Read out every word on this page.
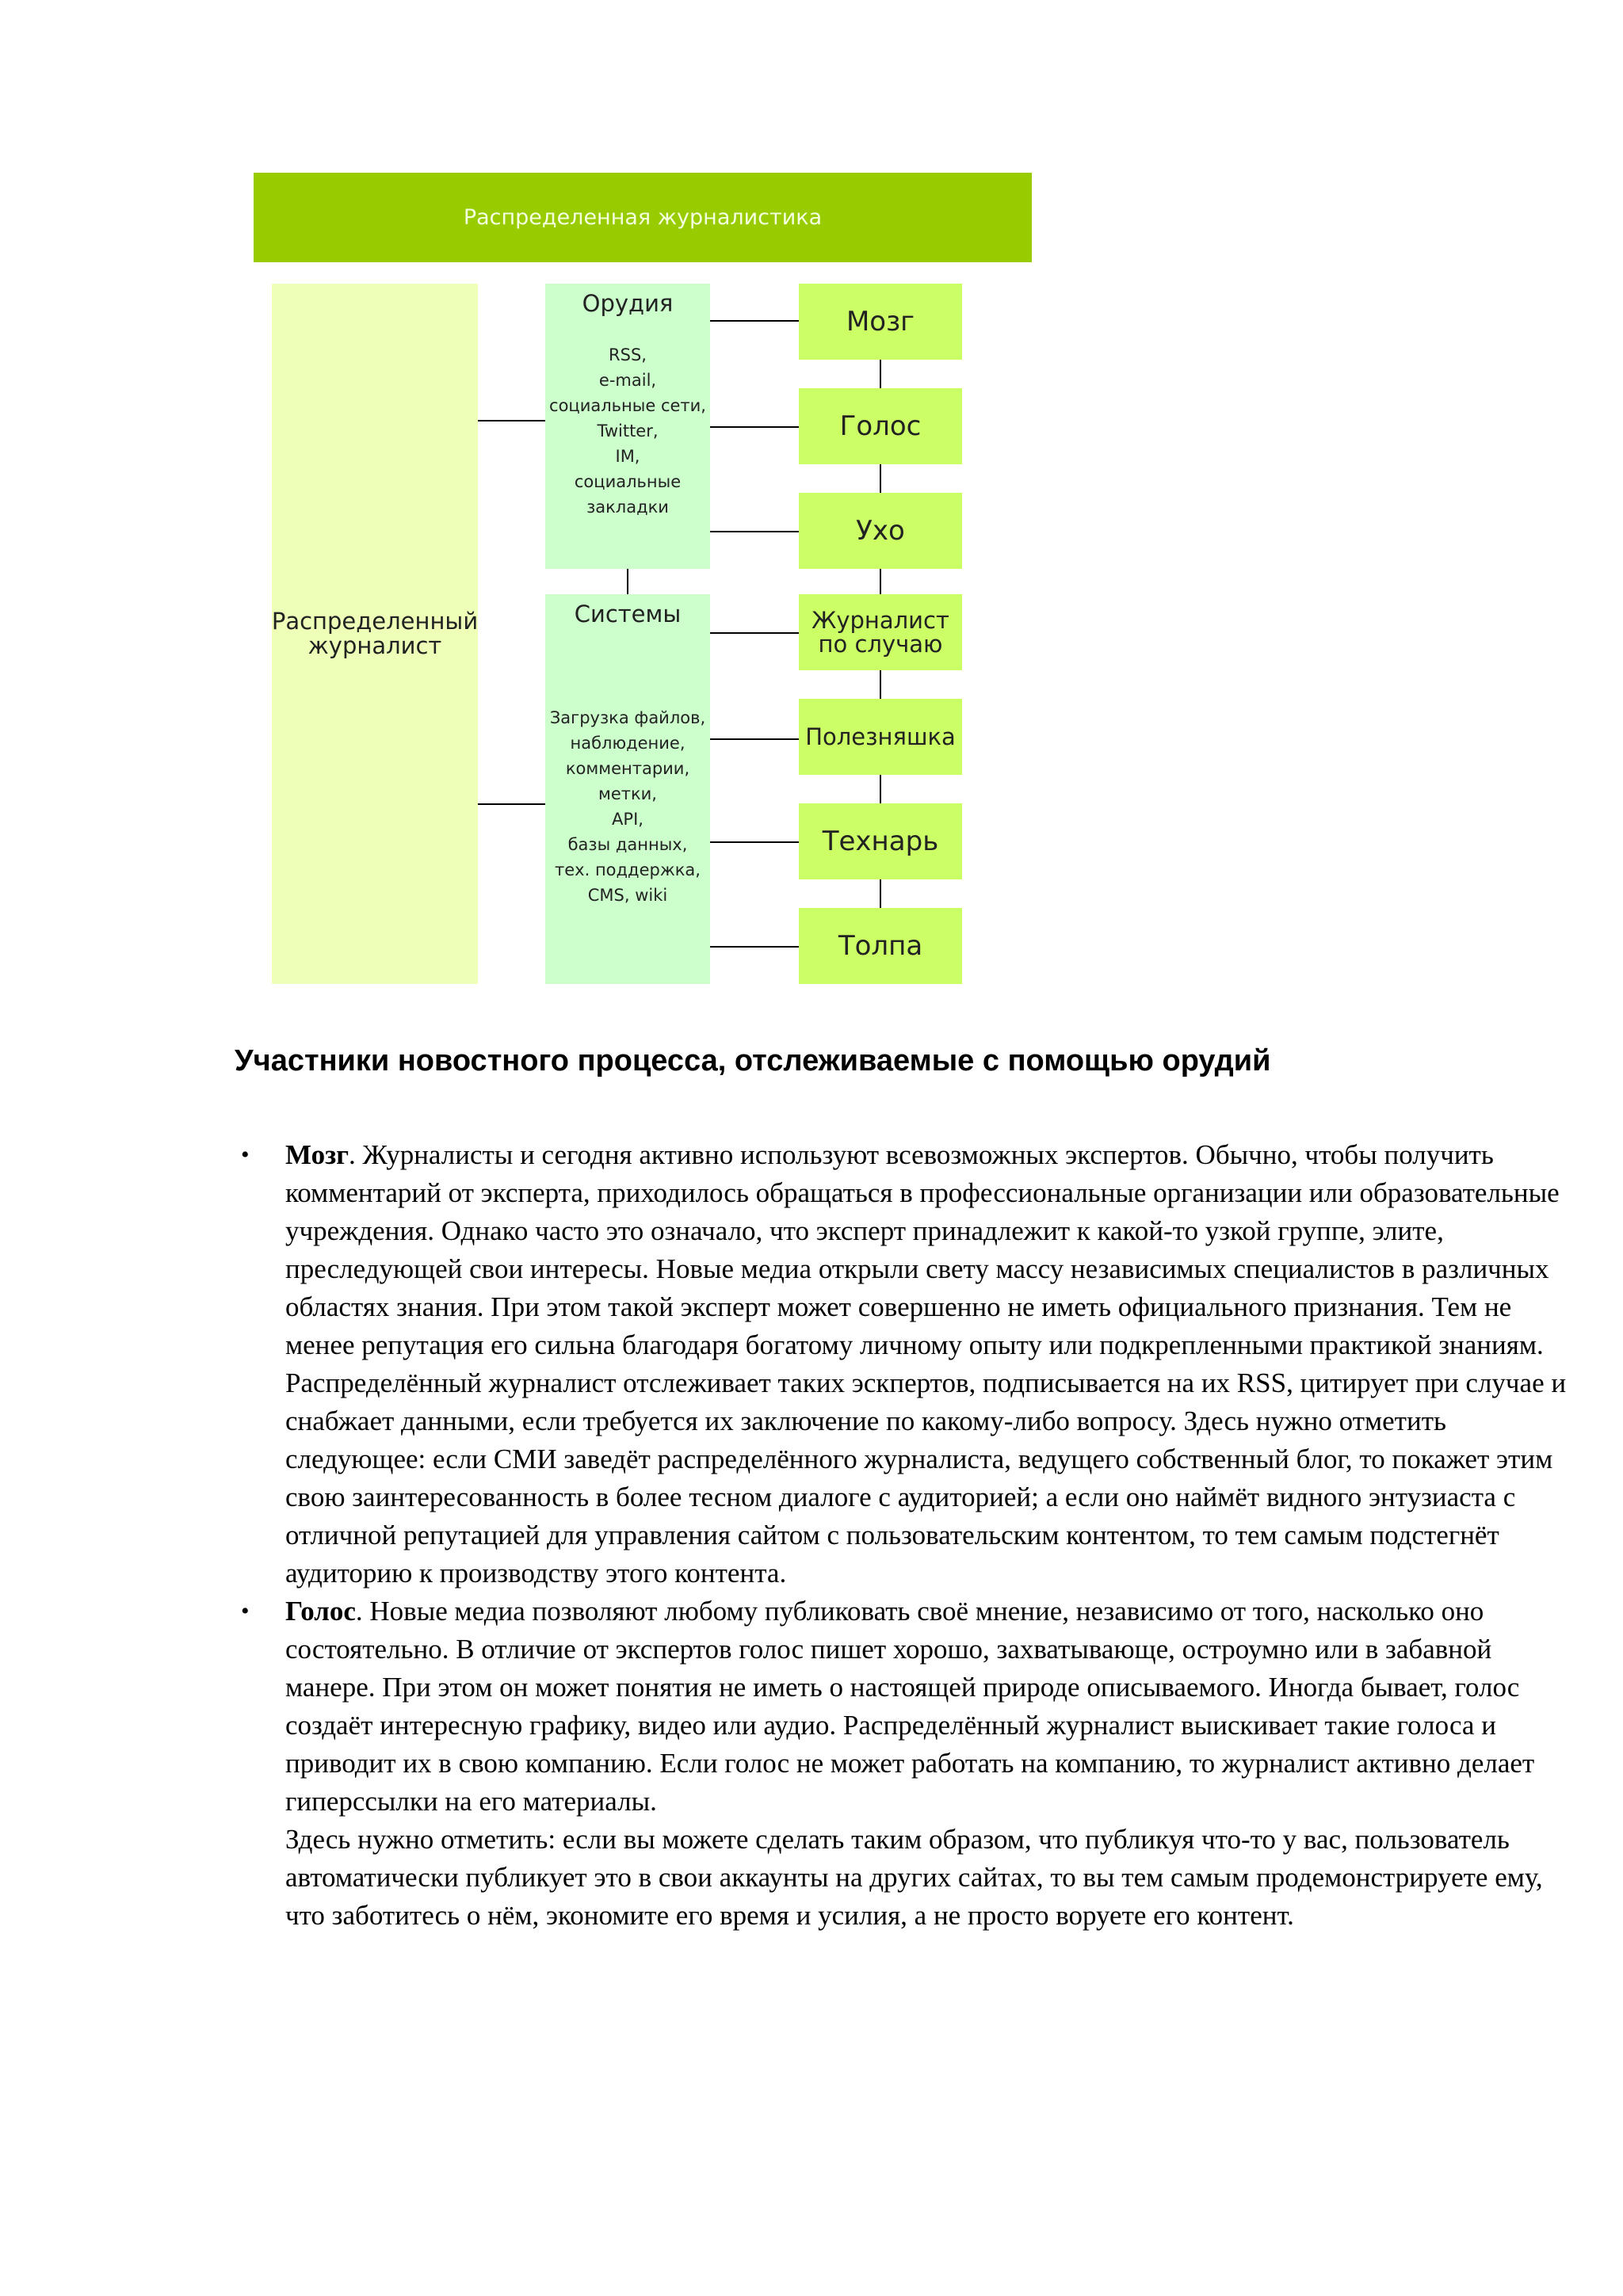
Распределенная журналистика
Распределенный журналист
Орудия
RSS,
e-mail,
социальные сети,
Twitter,
IM,
социальные
закладки
Системы
Загрузка файлов,
наблюдение,
комментарии,
метки,
API,
базы данных,
тех. поддержка,
CMS, wiki
Мозг
Голос
Ухо
Журналист по случаю
Полезняшка
Технарь
Толпа
Участники новостного процесса, отслеживаемые с помощью орудий

• Мозг. Журналисты и сегодня активно используют всевозможных экспертов. Обычно, чтобы получить комментарий от эксперта, приходилось обращаться в профессиональные организации или образовательные учреждения. Однако часто это означало, что эксперт принадлежит к какой-то узкой группе, элите, преследующей свои интересы. Новые медиа открыли свету массу независимых специалистов в различных областях знания. При этом такой эксперт может совершенно не иметь официального признания. Тем не менее репутация его сильна благодаря богатому личному опыту или подкрепленными практикой знаниям. Распределённый журналист отслеживает таких эскпертов, подписывается на их RSS, цитирует при случае и снабжает данными, если требуется их заключение по какому-либо вопросу. Здесь нужно отметить следующее: если СМИ заведёт распределённого журналиста, ведущего собственный блог, то покажет этим свою заинтересованность в более тесном диалоге с аудиторией; а если оно наймёт видного энтузиаста с отличной репутацией для управления сайтом с пользовательским контентом, то тем самым подстегнёт аудиторию к производству этого контента.

• Голос. Новые медиа позволяют любому публиковать своё мнение, независимо от того, насколько оно состоятельно. В отличие от экспертов голос пишет хорошо, захватывающе, остроумно или в забавной манере. При этом он может понятия не иметь о настоящей природе описываемого. Иногда бывает, голос создаёт интересную графику, видео или аудио. Распределённый журналист выискивает такие голоса и приводит их в свою компанию. Если голос не может работать на компанию, то журналист активно делает гиперссылки на его материалы.

Здесь нужно отметить: если вы можете сделать таким образом, что публикуя что-то у вас, пользователь автоматически публикует это в свои аккаунты на других сайтах, то вы тем самым продемонстрируете ему, что заботитесь о нём, экономите его время и усилия, а не просто воруете его контент.
